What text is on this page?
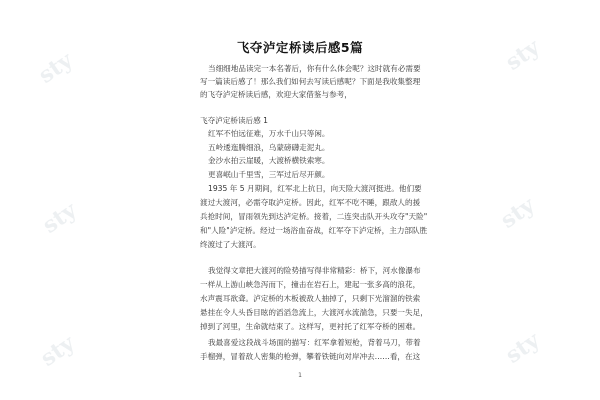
sty	sty
sty	sty
sty	sty
飞夺泸定桥读后感5篇

当细细地品读完一本名著后，你有什么体会呢？这时就有必需要

写一篇读后感了！那么我们如何去写读后感呢？下面是我收集整理

的飞夺泸定桥读后感，欢迎大家借鉴与参考，

飞夺泸定桥读后感 1

红军不怕远征难，万水千山只等闲。

五岭逶迤腾细浪，乌蒙磅礴走泥丸。

金沙水拍云崖暖，大渡桥横铁索寒。

更喜岷山千里雪，三军过后尽开颜。

1935 年 5 月期间，红军北上抗日，向天险大渡河挺进。他们要

渡过大渡河，必需夺取泸定桥。因此，红军不吃不睡，跟敌人的援

兵抢时间，冒雨领先到达泸定桥。接着，二连突击队开头攻夺"天险"

和"人险"泸定桥。经过一场浴血奋战，红军夺下泸定桥，主力部队胜

终渡过了大渡河。

我觉得文章把大渡河的险势描写得非常精彩：桥下，河水像瀑布

一样从上游山峡急泻而下，撞击在岩石上，建起一张多高的浪花，

水声震耳欲聋。泸定桥的木板被敌人抽掉了，只剩下光溜溜的铁索

悬挂在令人头昏目眩的滔滔急流上，大渡河水流湍急，只要一失足，

掉到了河里，生命就结束了。这样写，更衬托了红军夺桥的困难。

我最喜爱这段战斗场面的描写：红军拿着短枪，背着马刀，带着

手榴弹，冒着敌人密集的枪弹，攀着铁链向对岸冲去……看，在这

1
